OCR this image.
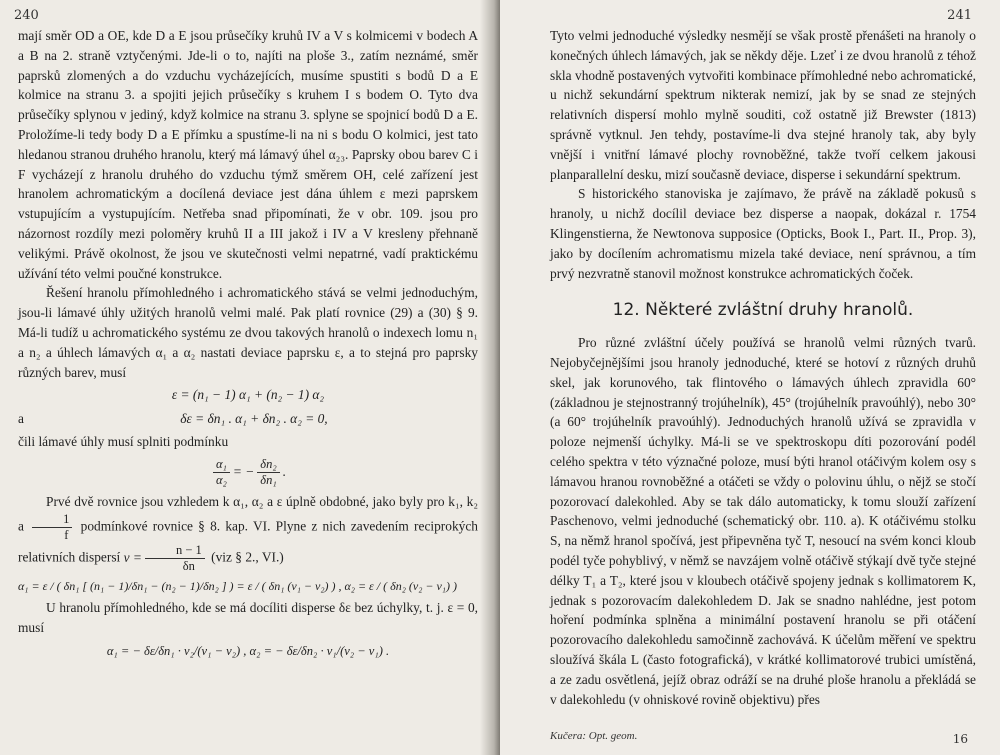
240

mají směr OD a OE, kde D a E jsou průsečíky kruhů IV a V s kolmicemi v bodech A a B na 2. straně vztyčenými. Jde-li o to, najíti na ploše 3., zatím neznámé, směr paprsků zlomených a do vzduchu vycházejících, musíme spustiti s bodů D a E kolmice na stranu 3. a spojiti jejich průsečíky s kruhem I s bodem O. Tyto dva průsečíky splynou v jediný, když kolmice na stranu 3. splyne se spojnicí bodů D a E. Proložíme-li tedy body D a E přímku a spustíme-li na ni s bodu O kolmici, jest tato hledanou stranou druhého hranolu, který má lámavý úhel α₂₃. Paprsky obou barev C i F vycházejí z hranolu druhého do vzduchu týmž směrem OH, celé zařízení jest hranolem achromatickým a docílená deviace jest dána úhlem ε mezi paprskem vstupujícím a vystupujícím. Netřeba snad připomínati, že v obr. 109. jsou pro názornost rozdíly mezi poloměry kruhů II a III jakož i IV a V kresleny přehnaně velikými. Právě okolnost, že jsou ve skutečnosti velmi nepatrné, vadí praktickému užívání této velmi poučné konstrukce.

Řešení hranolu přímohledného i achromatického stává se velmi jednoduchým, jsou-li lámavé úhly užitých hranolů velmi malé. Pak platí rovnice (29) a (30) § 9. Má-li tudíž u achromatického systému ze dvou takových hranolů o indexech lomu n₁ a n₂ a úhlech lámavých α₁ a α₂ nastati deviace paprsku ε, a to stejná pro paprsky různých barev, musí

ε = (n₁ − 1) α₁ + (n₂ − 1) α₂
a	δε = δn₁ . α₁ + δn₂ . α₂ = 0,

čili lámavé úhly musí splniti podmínku

$\frac{\text{α₁}}{\text{α₂}}$ = − $\frac{\text{δn₂}}{\text{δn₁}}$ .

Prvé dvě rovnice jsou vzhledem k α₁, α₂ a ε úplně obdobné, jako byly pro k₁, k₂ a $\frac{1}{f}$ podmínkové rovnice § 8. kap. VI. Plyne z nich zavedením reciprokých relativních dispersí $\nu = \frac{n - 1}{\delta n} (viz$ § 2., VI.)

α₁ = ε / ( δn₁ [ (n₁ − 1)/δn₁ − (n₂ − 1)/δn₂ ] ) = ε / ( δn₁ (ν₁ − ν₂) ) , α₂ = ε / ( δn₂ (ν₂ − ν₁) )

U hranolu přímohledného, kde se má docíliti disperse δε bez úchylky, t. j. ε = 0, musí

α₁ = − δε/δn₁ · ν₂/(ν₁ − ν₂) , α₂ = − δε/δn₂ · ν₁/(ν₂ − ν₁) .
241

Tyto velmi jednoduché výsledky nesmějí se však prostě přenášeti na hranoly o konečných úhlech lámavých, jak se někdy děje. Lzeť i ze dvou hranolů z téhož skla vhodně postavených vytvořiti kombinace přímohledné nebo achromatické, u nichž sekundární spektrum nikterak nemizí, jak by se snad ze stejných relativních dispersí mohlo mylně souditi, což ostatně již Brewster (1813) správně vytknul. Jen tehdy, postavíme-li dva stejné hranoly tak, aby byly vnější i vnitřní lámavé plochy rovnoběžné, takže tvoří celkem jakousi planparallelní desku, mizí současně deviace, disperse i sekundární spektrum.

S historického stanoviska je zajímavo, že právě na základě pokusů s hranoly, u nichž docílil deviace bez disperse a naopak, dokázal r. 1754 Klingenstierna, že Newtonova supposice (Opticks, Book I., Part. II., Prop. 3), jako by docílením achromatismu mizela také deviace, není správnou, a tím prvý nezvratně stanovil možnost konstrukce achromatických čoček.

12. Některé zvláštní druhy hranolů.

Pro různé zvláštní účely používá se hranolů velmi různých tvarů. Nejobyčejnějšími jsou hranoly jednoduché, které se hotoví z různých druhů skel, jak korunového, tak flintového o lámavých úhlech zpravidla 60° (základnou je stejnostranný trojúhelník), 45° (trojúhelník pravoúhlý), nebo 30° (a 60° trojúhelník pravoúhlý). Jednoduchých hranolů užívá se zpravidla v poloze nejmenší úchylky. Má-li se ve spektroskopu díti pozorování podél celého spektra v této význačné poloze, musí býti hranol otáčivým kolem osy s lámavou hranou rovnoběžné a otáčeti se vždy o polovinu úhlu, o nějž se stočí pozorovací dalekohled. Aby se tak dálo automaticky, k tomu slouží zařízení Paschenovo, velmi jednoduché (schematický obr. 110. a). K otáčivému stolku S, na němž hranol spočívá, jest připevněna tyč T, nesoucí na svém konci kloub podél tyče pohyblivý, v němž se navzájem volně otáčivě stýkají dvě tyče stejné délky T₁ a T₂, které jsou v kloubech otáčivě spojeny jednak s kollimatorem K, jednak s pozorovacím dalekohledem D. Jak se snadno nahlédne, jest potom hoření podmínka splněna a minimální postavení hranolu se při otáčení pozorovacího dalekohledu samočinně zachovává. K účelům měření ve spektru sloužívá škála L (často fotografická), v krátké kollimatorové trubici umístěná, a ze zadu osvětlená, jejíž obraz odráží se na druhé ploše hranolu a překládá se v dalekohledu (v ohniskové rovině objektivu) přes

Kučera: Opt. geom.	16
